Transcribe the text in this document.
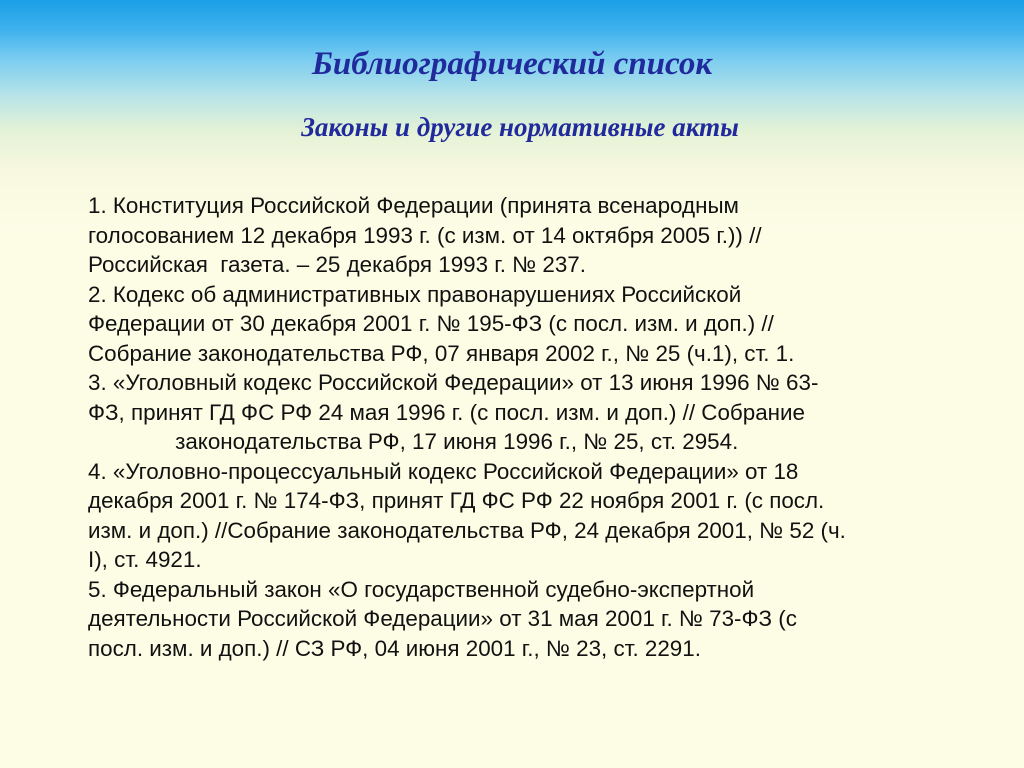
Библиографический список
Законы и другие нормативные акты
1. Конституция Российской Федерации (принята всенародным
голосованием 12 декабря 1993 г. (с изм. от 14 октября 2005 г.)) //
Российская  газета. – 25 декабря 1993 г. № 237.
2. Кодекс об административных правонарушениях Российской
Федерации от 30 декабря 2001 г. № 195-ФЗ (с посл. изм. и доп.) //
Собрание законодательства РФ, 07 января 2002 г., № 25 (ч.1), ст. 1.
3. «Уголовный кодекс Российской Федерации» от 13 июня 1996 № 63-
ФЗ, принят ГД ФС РФ 24 мая 1996 г. (с посл. изм. и доп.) // Собрание
законодательства РФ, 17 июня 1996 г., № 25, ст. 2954.
4. «Уголовно-процессуальный кодекс Российской Федерации» от 18
декабря 2001 г. № 174-ФЗ, принят ГД ФС РФ 22 ноября 2001 г. (с посл.
изм. и доп.) //Собрание законодательства РФ, 24 декабря 2001, № 52 (ч.
I), ст. 4921.
5. Федеральный закон «О государственной судебно-экспертной
деятельности Российской Федерации» от 31 мая 2001 г. № 73-ФЗ (с
посл. изм. и доп.) // СЗ РФ, 04 июня 2001 г., № 23, ст. 2291.
